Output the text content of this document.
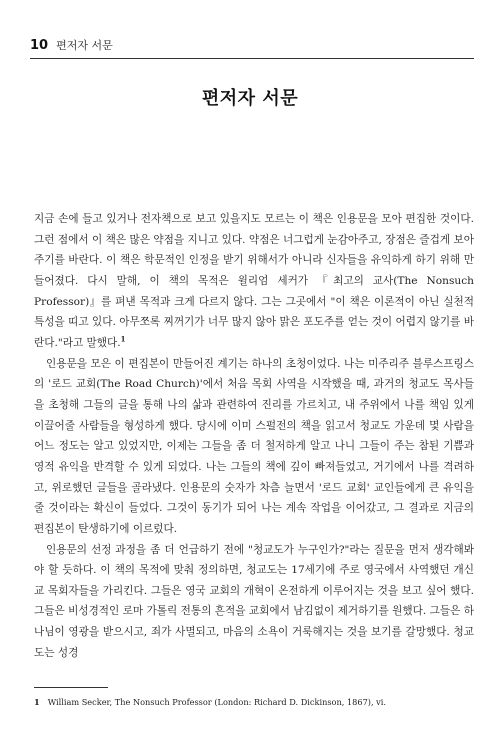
10 편저자 서문
편저자 서문

지금 손에 들고 있거나 전자책으로 보고 있을지도 모르는 이 책은 인용문을 모아 편집한 것이다. 그런 점에서 이 책은 많은 약점을 지니고 있다. 약점은 너그럽게 눈감아주고, 장점은 즐겁게 보아주기를 바란다. 이 책은 학문적인 인정을 받기 위해서가 아니라 신자들을 유익하게 하기 위해 만들어졌다. 다시 말해, 이 책의 목적은 윌리엄 세커가 『최고의 교사(The Nonsuch Professor)』를 펴낸 목적과 크게 다르지 않다. 그는 그곳에서 "이 책은 이론적이 아닌 실천적 특성을 띠고 있다. 아무쪼록 찌꺼기가 너무 많지 않아 맑은 포도주를 얻는 것이 어렵지 않기를 바란다."라고 말했다.$^1$

인용문을 모은 이 편집본이 만들어진 계기는 하나의 초청이었다. 나는 미주리주 블루스프링스의 '로드 교회(The Road Church)'에서 처음 목회 사역을 시작했을 때, 과거의 청교도 목사들을 초청해 그들의 글을 통해 나의 삶과 관련하여 진리를 가르치고, 내 주위에서 나를 책임 있게 이끌어줄 사람들을 형성하게 했다. 당시에 이미 스펄전의 책을 읽고서 청교도 가운데 몇 사람을 어느 정도는 알고 있었지만, 이제는 그들을 좀 더 철저하게 알고 나니 그들이 주는 참된 기쁨과 영적 유익을 반격할 수 있게 되었다. 나는 그들의 책에 깊이 빠져들었고, 거기에서 나를 격려하고, 위로했던 글들을 골라냈다. 인용문의 숫자가 차츰 늘면서 '로드 교회' 교인들에게 큰 유익을 줄 것이라는 확신이 들었다. 그것이 동기가 되어 나는 계속 작업을 이어갔고, 그 결과로 지금의 편집본이 탄생하기에 이르렀다.

인용문의 선정 과정을 좀 더 언급하기 전에 "청교도가 누구인가?"라는 질문을 먼저 생각해봐야 할 듯하다. 이 책의 목적에 맞춰 정의하면, 청교도는 17세기에 주로 영국에서 사역했던 개신교 목회자들을 가리킨다. 그들은 영국 교회의 개혁이 온전하게 이루어지는 것을 보고 싶어 했다. 그들은 비성경적인 로마 가톨릭 전통의 흔적을 교회에서 남김없이 제거하기를 원했다. 그들은 하나님이 영광을 받으시고, 죄가 사멸되고, 마음의 소욕이 거룩해지는 것을 보기를 갈망했다. 청교도는 성경

1 William Secker, The Nonsuch Professor (London: Richard D. Dickinson, 1867), vi.
